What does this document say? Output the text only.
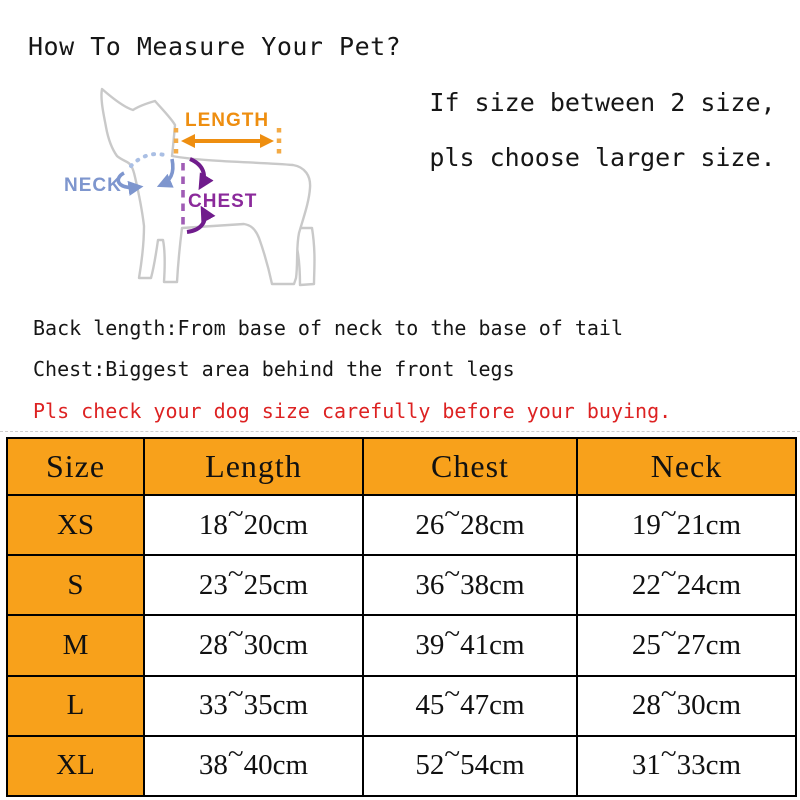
How To Measure Your Pet?
LENGTH
NECK
CHEST
If size between 2 size,
pls choose larger size.
Back length:From base of neck to the base of tail
Chest:Biggest area behind the front legs
Pls check your dog size carefully before your buying.
Size	Length	Chest	Neck
XS	18~20cm	26~28cm	19~21cm
S	23~25cm	36~38cm	22~24cm
M	28~30cm	39~41cm	25~27cm
L	33~35cm	45~47cm	28~30cm
XL	38~40cm	52~54cm	31~33cm
